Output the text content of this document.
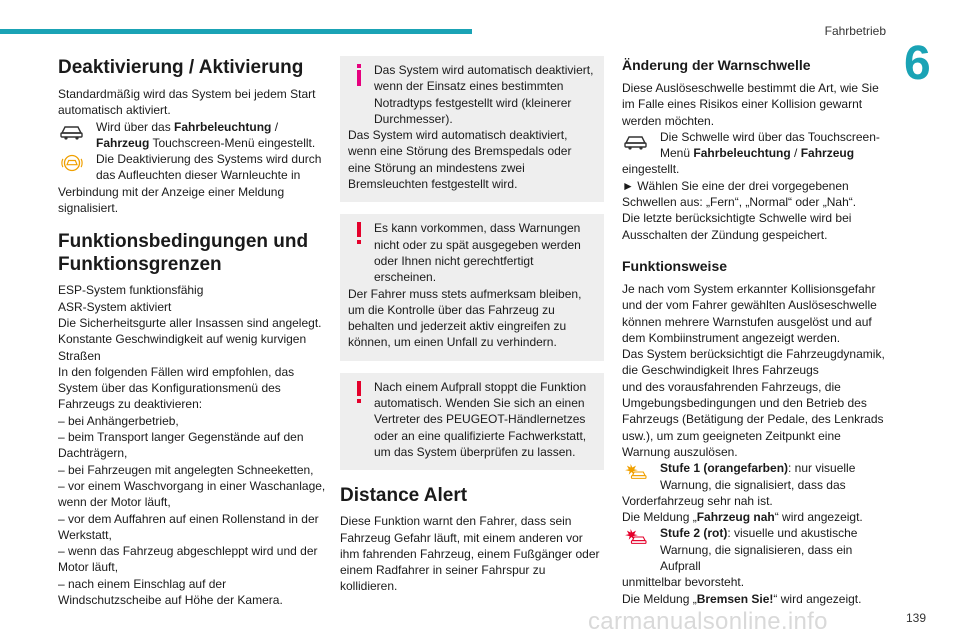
Fahrbetrieb
6
139
carmanualsonline.info
Deaktivierung / Aktivierung

Standardmäßig wird das System bei jedem Start automatisch aktiviert.

Wird über das Fahrbeleuchtung / Fahrzeug Touchscreen-Menü eingestellt.
Die Deaktivierung des Systems wird durch das Aufleuchten dieser Warnleuchte in

Verbindung mit der Anzeige einer Meldung signalisiert.

Funktionsbedingungen und Funktionsgrenzen

ESP-System funktionsfähig

ASR-System aktiviert

Die Sicherheitsgurte aller Insassen sind angelegt.

Konstante Geschwindigkeit auf wenig kurvigen Straßen

In den folgenden Fällen wird empfohlen, das System über das Konfigurationsmenü des Fahrzeugs zu deaktivieren:

– bei Anhängerbetrieb,

– beim Transport langer Gegenstände auf den Dachträgern,

– bei Fahrzeugen mit angelegten Schneeketten,

– vor einem Waschvorgang in einer Waschanlage, wenn der Motor läuft,

– vor dem Auffahren auf einen Rollenstand in der Werkstatt,

– wenn das Fahrzeug abgeschleppt wird und der Motor läuft,

– nach einem Einschlag auf der Windschutzscheibe auf Höhe der Kamera.

Das System wird automatisch deaktiviert, wenn der Einsatz eines bestimmten Notradtyps festgestellt wird (kleinerer Durchmesser).

Das System wird automatisch deaktiviert, wenn eine Störung des Bremspedals oder eine Störung an mindestens zwei Bremsleuchten festgestellt wird.

Es kann vorkommen, dass Warnungen nicht oder zu spät ausgegeben werden oder Ihnen nicht gerechtfertigt erscheinen.

Der Fahrer muss stets aufmerksam bleiben, um die Kontrolle über das Fahrzeug zu behalten und jederzeit aktiv eingreifen zu können, um einen Unfall zu verhindern.

Nach einem Aufprall stoppt die Funktion automatisch. Wenden Sie sich an einen Vertreter des PEUGEOT-Händlernetzes oder an eine qualifizierte Fachwerkstatt, um das System überprüfen zu lassen.
Distance Alert

Diese Funktion warnt den Fahrer, dass sein Fahrzeug Gefahr läuft, mit einem anderen vor ihm fahrenden Fahrzeug, einem Fußgänger oder einem Radfahrer in seiner Fahrspur zu kollidieren.

Änderung der Warnschwelle

Diese Auslöseschwelle bestimmt die Art, wie Sie im Falle eines Risikos einer Kollision gewarnt werden möchten.

Die Schwelle wird über das Touchscreen-Menü Fahrbeleuchtung / Fahrzeug

eingestellt.

► Wählen Sie eine der drei vorgegebenen Schwellen aus: „Fern“, „Normal“ oder „Nah“.

Die letzte berücksichtigte Schwelle wird bei Ausschalten der Zündung gespeichert.

Funktionsweise

Je nach vom System erkannter Kollisionsgefahr und der vom Fahrer gewählten Auslöseschwelle können mehrere Warnstufen ausgelöst und auf dem Kombiinstrument angezeigt werden.

Das System berücksichtigt die Fahrzeugdynamik, die Geschwindigkeit Ihres Fahrzeugs

und des vorausfahrenden Fahrzeugs, die Umgebungsbedingungen und den Betrieb des Fahrzeugs (Betätigung der Pedale, des Lenkrads usw.), um zum geeigneten Zeitpunkt eine Warnung auszulösen.

Stufe 1 (orangefarben): nur visuelle Warnung, die signalisiert, dass das

Vorderfahrzeug sehr nah ist.

Die Meldung „Fahrzeug nah“ wird angezeigt.

Stufe 2 (rot): visuelle und akustische Warnung, die signalisieren, dass ein Aufprall

unmittelbar bevorsteht.

Die Meldung „Bremsen Sie!“ wird angezeigt.
